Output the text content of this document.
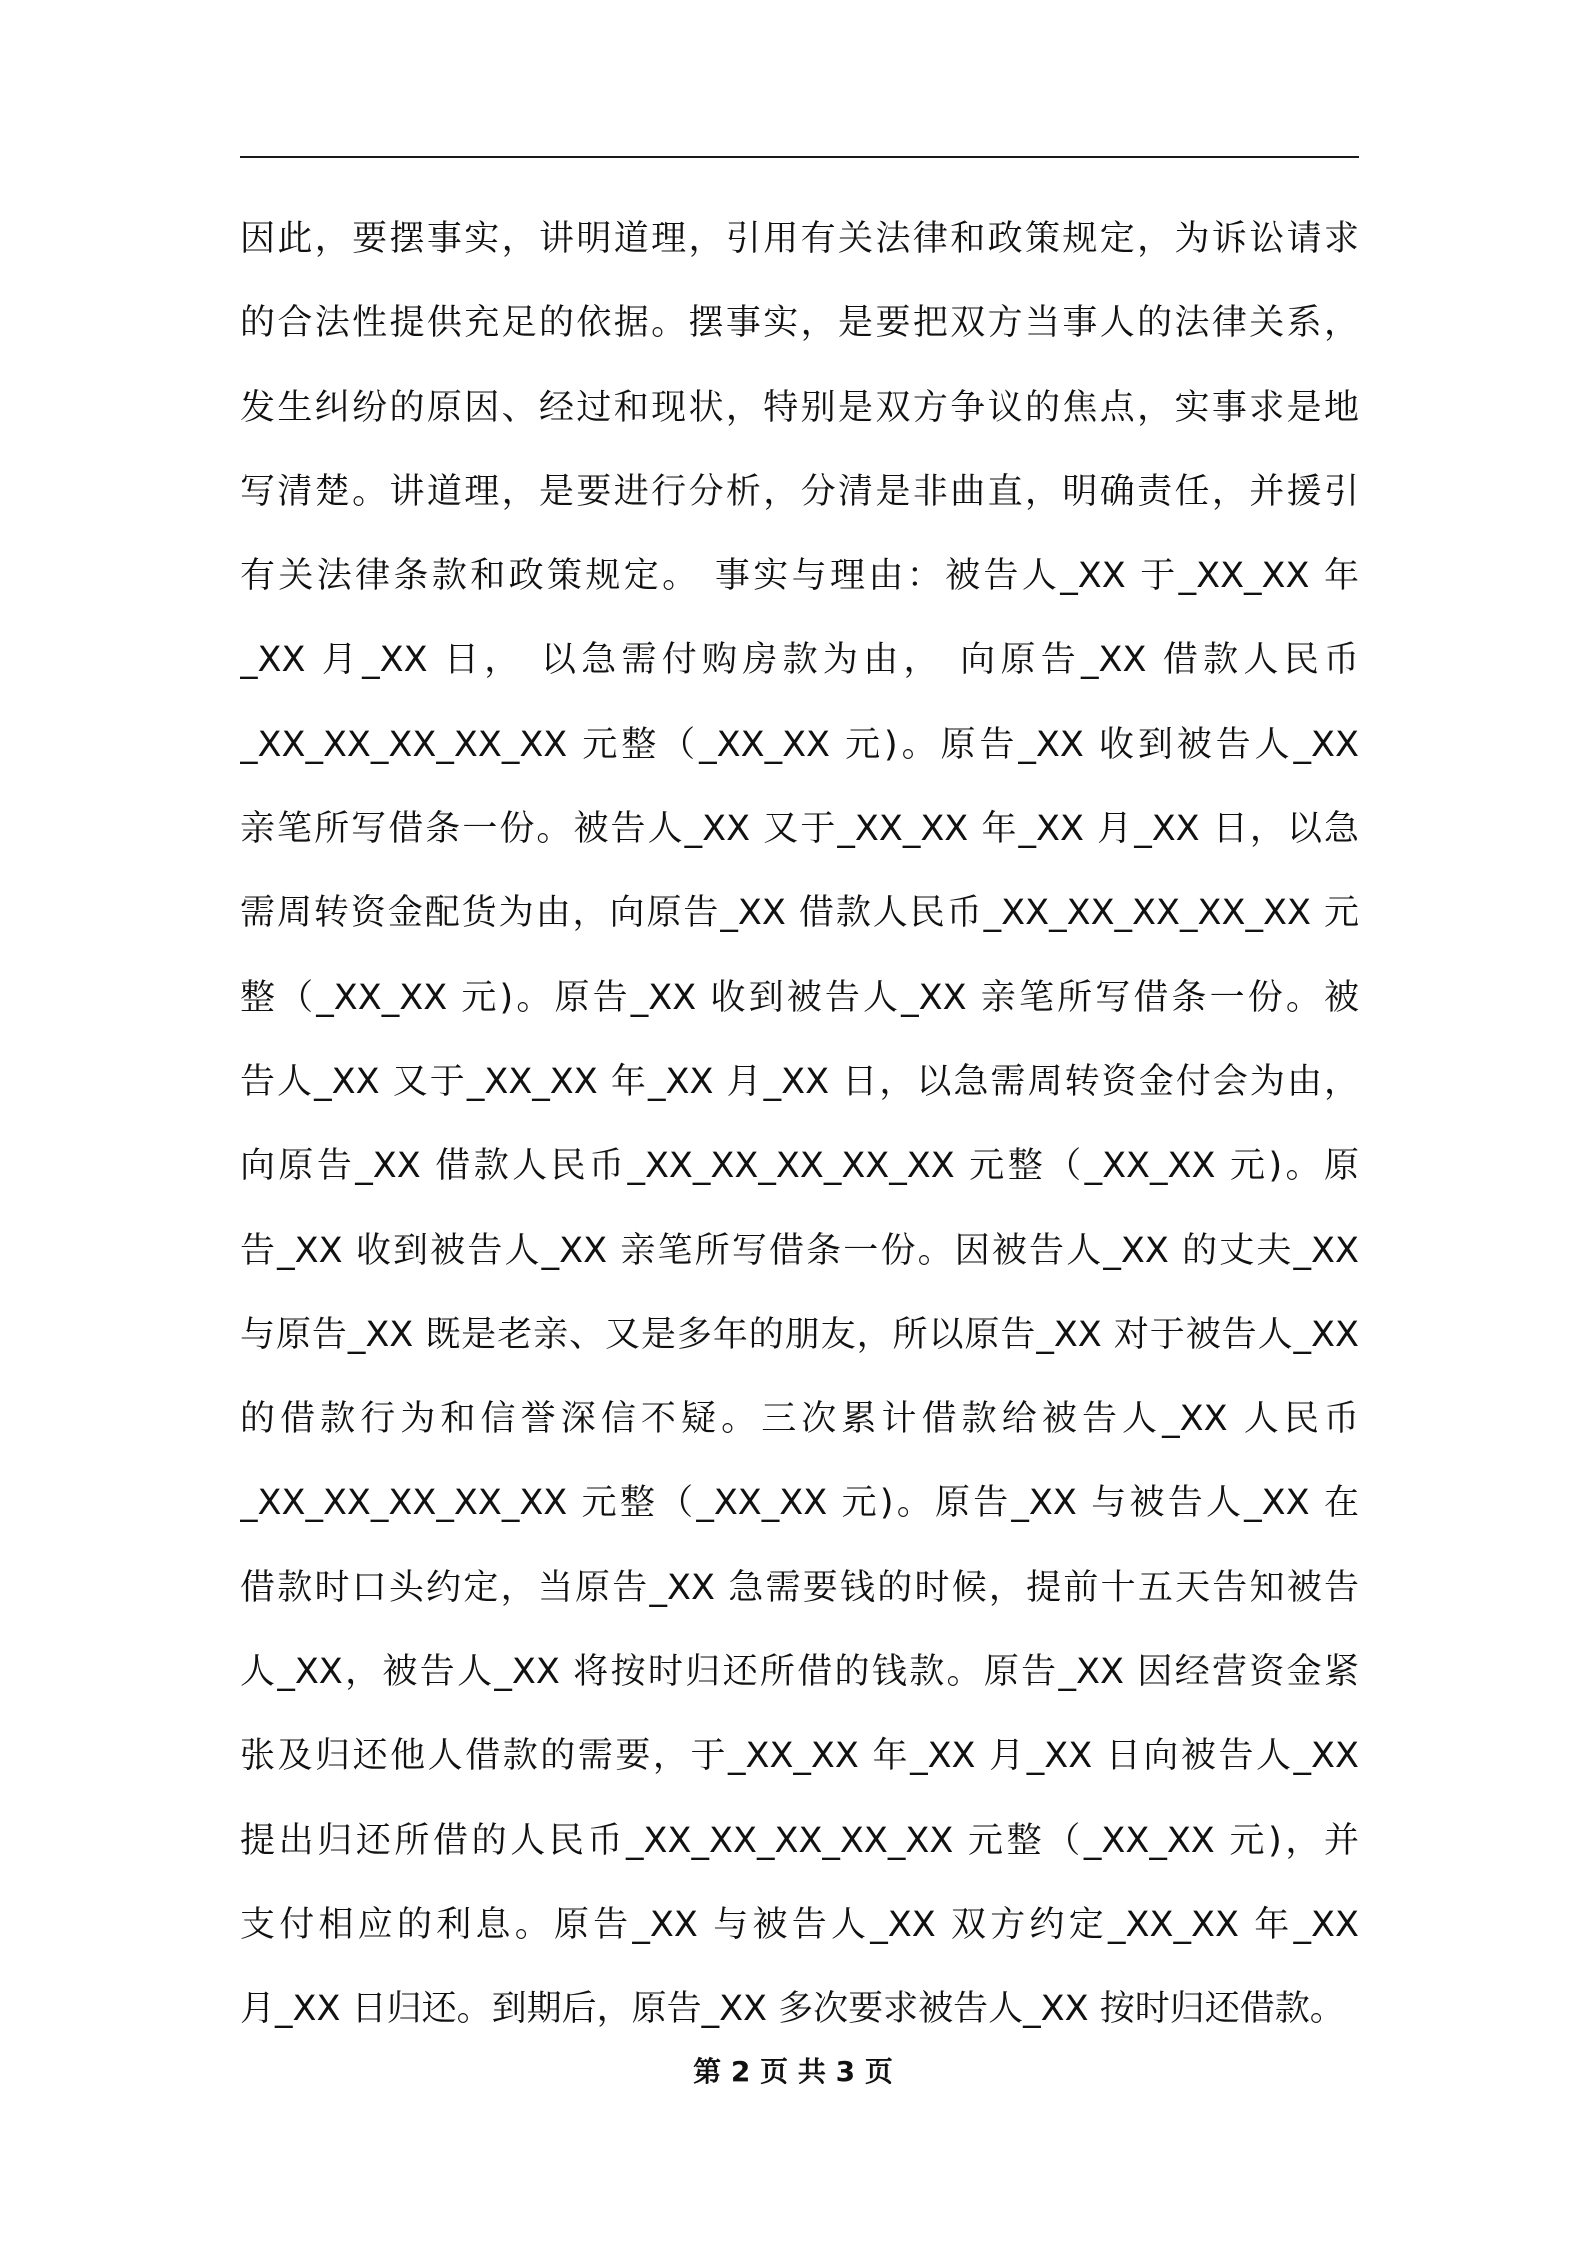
因此，要摆事实，讲明道理，引用有关法律和政策规定，为诉讼请求
的合法性提供充足的依据。摆事实，是要把双方当事人的法律关系，
发生纠纷的原因、经过和现状，特别是双方争议的焦点，实事求是地
写清楚。讲道理，是要进行分析，分清是非曲直，明确责任，并援引
有关法律条款和政策规定。 事实与理由：被告人_XX 于_XX_XX 年
_XX 月_XX 日， 以急需付购房款为由， 向原告_XX 借款人民币
_XX_XX_XX_XX_XX 元整（_XX_XX 元)。原告_XX 收到被告人_XX
亲笔所写借条一份。被告人_XX 又于_XX_XX 年_XX 月_XX 日，以急
需周转资金配货为由，向原告_XX 借款人民币_XX_XX_XX_XX_XX 元
整（_XX_XX 元)。原告_XX 收到被告人_XX 亲笔所写借条一份。被
告人_XX 又于_XX_XX 年_XX 月_XX 日，以急需周转资金付会为由，
向原告_XX 借款人民币_XX_XX_XX_XX_XX 元整（_XX_XX 元)。原
告_XX 收到被告人_XX 亲笔所写借条一份。因被告人_XX 的丈夫_XX
与原告_XX 既是老亲、又是多年的朋友，所以原告_XX 对于被告人_XX
的借款行为和信誉深信不疑。三次累计借款给被告人_XX 人民币
_XX_XX_XX_XX_XX 元整（_XX_XX 元)。原告_XX 与被告人_XX 在
借款时口头约定，当原告_XX 急需要钱的时候，提前十五天告知被告
人_XX，被告人_XX 将按时归还所借的钱款。原告_XX 因经营资金紧
张及归还他人借款的需要，于_XX_XX 年_XX 月_XX 日向被告人_XX
提出归还所借的人民币_XX_XX_XX_XX_XX 元整（_XX_XX 元)，并
支付相应的利息。原告_XX 与被告人_XX 双方约定_XX_XX 年_XX
月_XX 日归还。到期后，原告_XX 多次要求被告人_XX 按时归还借款。
第 2 页 共 3 页
